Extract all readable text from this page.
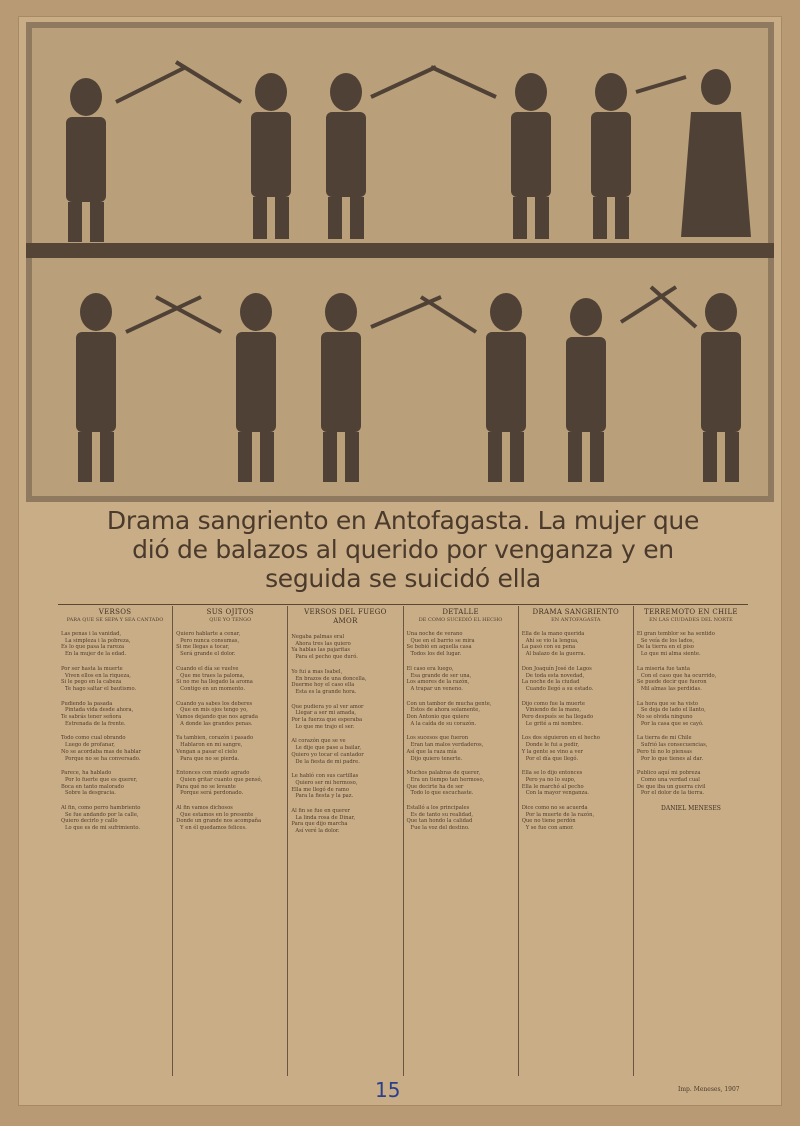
Drama sangriento en Antofagasta. La mujer que
dió de balazos al querido por venganza y en
seguida se suicidó ella
VERSOS
PARA QUE SE SEPA Y SEA CANTADO
Las penas i la vanidad,
La simpleza i la pobreza,
Es lo que pasa la rareza
En la mujer de la edad.
Por ser hasta la muerte
Viven ellos en la riqueza,
Si le pego en la cabeza
Te hago saltar el bautismo.
Pudiendo la pasada
Pintada vida desde ahora,
Te sabrás tener señora
Estrenada de la frente.
Todo como cual obrando
Luego de profanar,
No se acordaba mas de hablar
Porque no se ha conversado.
Parece, ha hablado
Por lo fuerte que es querer,
Boca en tanto malorado
Sobre la desgracia.
Al fin, como perro hambriento
Se fue andando por la calle,
Quiero decirlo y callo
Lo que es de mi sufrimiento.
SUS OJITOS
QUE YO TENGO
Quiero hablarte a cenar,
Pero nunca consumas,
Si me llegas a tocar,
Será grande el dolor.
Cuando el día se vuelve
Que me traes la paloma,
Si no me ha llegado la aroma
Contigo en un momento.
Cuando ya sabes los deberes
Que en mis ojos tengo yo,
Vamos dejando que nos agrada
A donde las grandes penas.
Ya tambien, corazón i pasado
Hablaron en mi sangre,
Vengan a pasar el cielo
Para que no se pierda.
Entonces con miedo agrado
Quien gritar cuanto que pensó,
Para qué no se levante
Porque será perdonado.
Al fin vamos dichosos
Que estamos en lo presente
Donde un grande nos acompaña
Y en él quedamos felices.
VERSOS DEL FUEGO AMOR
Negaba palmas eral
Ahora tres las quiero
Ya hablas las pajaritas
Para el pecho que duró.
Yo fui a mas Isabel,
En brazos de una doncella,
Duerme hoy el caso ella
Esta es la grande hora.
Que pudiera yo al ver amor
Llegar a ser mi amada,
Por la fuerza que esperaba
Lo que me trajo el ser.
Al corazón que se ve
Le dije que pase a bailar,
Quiero yo tocar el cantador
De la fiesta de mi padre.
Le habló con sus cartillas
Quiero ser mi hermoso,
Ella me llegó de ramo
Para la fiesta y la paz.
Al fin se fue en querer
La linda rosa de Dinar,
Para que dijo marcha
Así veré la dolor.
DETALLE
DE COMO SUCEDIÓ EL HECHO
Una noche de verano
Que en el barrio se mira
Se bebió en aquella casa
Todos los del lugar.
El caso era luego,
Esa grande de ser una,
Los amores de la razón,
A trapar un veneno.
Con un tambor de mucha gente,
Estos de ahora solamente,
Don Antonio que quiere
A la caída de su corazón.
Los sucesos que fueron
Eran tan malos verdaderos,
Así que la raza mía
Dijo quiero tenerte.
Muchos palabras de querer,
Era un tiempo tan hermoso,
Que decirte ha de ser
Todo lo que escuchaste.
Estalló a los principales
Es de tanto su realidad,
Que tan hondo la calidad
Fue la voz del destino.
DRAMA SANGRIENTO
EN ANTOFAGASTA
Ella de la mano querida
Ahí se vio la lengua,
La pasó con su pena
Al balazo de la guerra.
Don Joaquín José de Lagos
De toda esta novedad,
La noche de la ciudad
Cuando llegó a su estado.
Dijo como fue la muerte
Viniendo de la mano,
Pero después se ha llegado
Le grité a mi nombre.
Los dos siguieron en el hecho
Donde le fui a pedir,
Y la gente se vino a ver
Por el día que llegó.
Ella se lo dijo entonces
Pero ya no lo supo,
Ella le marchó al pecho
Con la mayor venganza.
Dice como no se acuerda
Por la muerte de la razón,
Que no tiene perdón
Y se fue con amor.
TERREMOTO EN CHILE
EN LAS CIUDADES DEL NORTE
El gran temblor se ha sentido
Se veía de los lados,
De la tierra en el piso
Lo que mi alma siente.
La miseria fue tanta
Con el caso que ha ocurrido,
Se puede decir que fueron
Mil almas las perdidas.
La hora que se ha visto
Se deja de lado el llanto,
No se olvida ninguno
Por la casa que se cayó.
La tierra de mi Chile
Sufrió las consecuencias,
Pero tú no lo piensas
Por lo que tienes al dar.
Publico aquí mi pobreza
Como una verdad cual
De que iba un guerra civil
Por el dolor de la tierra.
DANIEL MENESES
Imp. Meneses, 1907
15
